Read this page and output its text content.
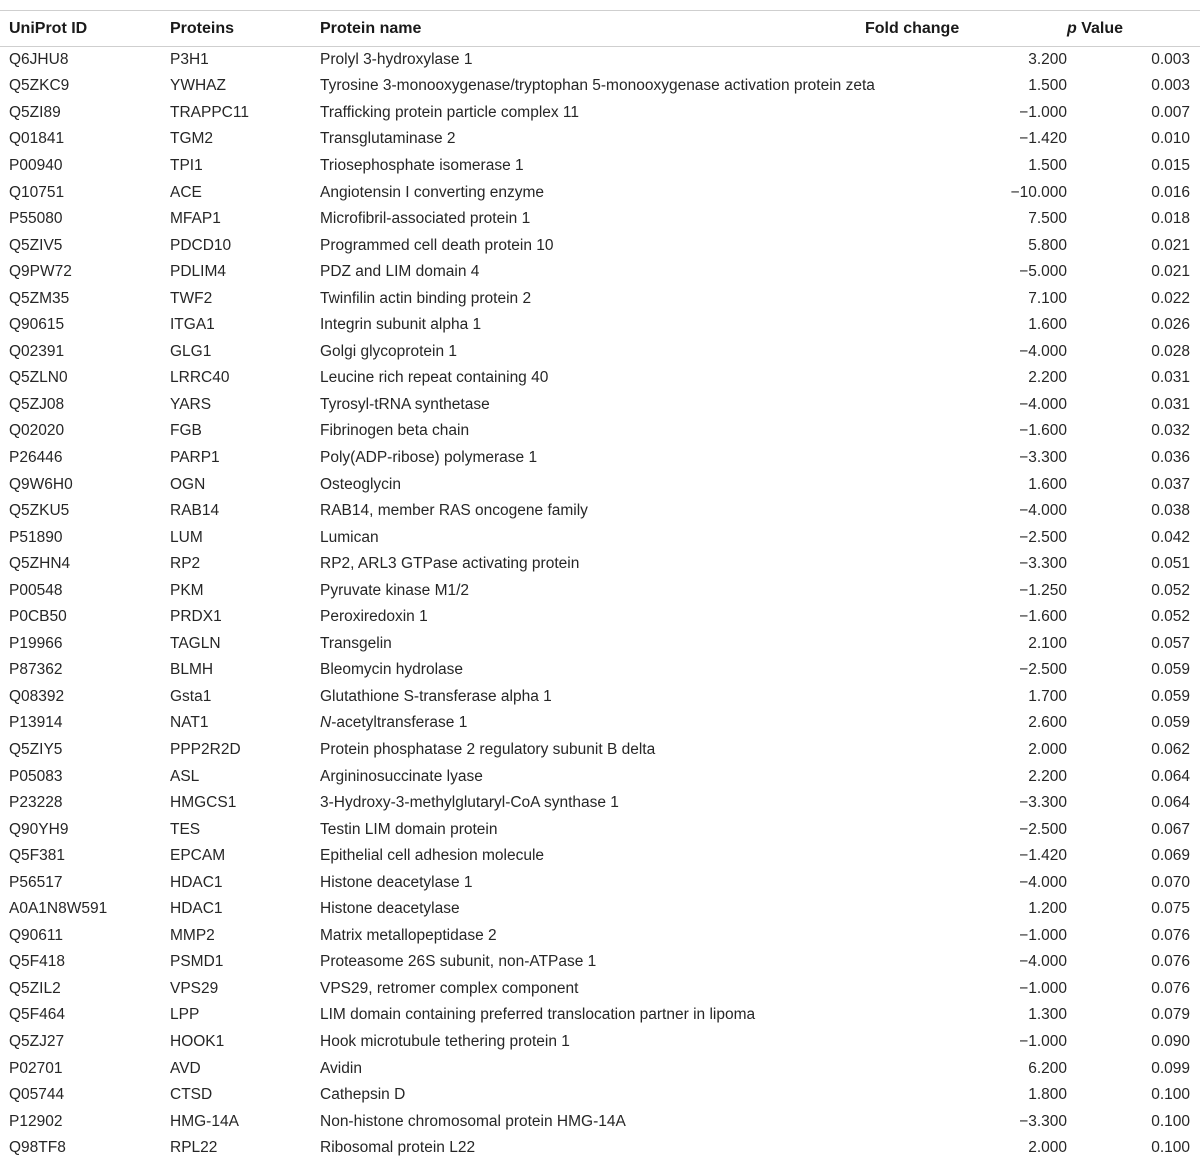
UniProt ID	Proteins	Protein name	Fold change	p Value
Q6JHU8	P3H1	Prolyl 3-hydroxylase 1	3.200	0.003
Q5ZKC9	YWHAZ	Tyrosine 3-monooxygenase/tryptophan 5-monooxygenase activation protein zeta	1.500	0.003
Q5ZI89	TRAPPC11	Trafficking protein particle complex 11	−1.000	0.007
Q01841	TGM2	Transglutaminase 2	−1.420	0.010
P00940	TPI1	Triosephosphate isomerase 1	1.500	0.015
Q10751	ACE	Angiotensin I converting enzyme	−10.000	0.016
P55080	MFAP1	Microfibril-associated protein 1	7.500	0.018
Q5ZIV5	PDCD10	Programmed cell death protein 10	5.800	0.021
Q9PW72	PDLIM4	PDZ and LIM domain 4	−5.000	0.021
Q5ZM35	TWF2	Twinfilin actin binding protein 2	7.100	0.022
Q90615	ITGA1	Integrin subunit alpha 1	1.600	0.026
Q02391	GLG1	Golgi glycoprotein 1	−4.000	0.028
Q5ZLN0	LRRC40	Leucine rich repeat containing 40	2.200	0.031
Q5ZJ08	YARS	Tyrosyl-tRNA synthetase	−4.000	0.031
Q02020	FGB	Fibrinogen beta chain	−1.600	0.032
P26446	PARP1	Poly(ADP-ribose) polymerase 1	−3.300	0.036
Q9W6H0	OGN	Osteoglycin	1.600	0.037
Q5ZKU5	RAB14	RAB14, member RAS oncogene family	−4.000	0.038
P51890	LUM	Lumican	−2.500	0.042
Q5ZHN4	RP2	RP2, ARL3 GTPase activating protein	−3.300	0.051
P00548	PKM	Pyruvate kinase M1/2	−1.250	0.052
P0CB50	PRDX1	Peroxiredoxin 1	−1.600	0.052
P19966	TAGLN	Transgelin	2.100	0.057
P87362	BLMH	Bleomycin hydrolase	−2.500	0.059
Q08392	Gsta1	Glutathione S-transferase alpha 1	1.700	0.059
P13914	NAT1	N-acetyltransferase 1	2.600	0.059
Q5ZIY5	PPP2R2D	Protein phosphatase 2 regulatory subunit B delta	2.000	0.062
P05083	ASL	Argininosuccinate lyase	2.200	0.064
P23228	HMGCS1	3-Hydroxy-3-methylglutaryl-CoA synthase 1	−3.300	0.064
Q90YH9	TES	Testin LIM domain protein	−2.500	0.067
Q5F381	EPCAM	Epithelial cell adhesion molecule	−1.420	0.069
P56517	HDAC1	Histone deacetylase 1	−4.000	0.070
A0A1N8W591	HDAC1	Histone deacetylase	1.200	0.075
Q90611	MMP2	Matrix metallopeptidase 2	−1.000	0.076
Q5F418	PSMD1	Proteasome 26S subunit, non-ATPase 1	−4.000	0.076
Q5ZIL2	VPS29	VPS29, retromer complex component	−1.000	0.076
Q5F464	LPP	LIM domain containing preferred translocation partner in lipoma	1.300	0.079
Q5ZJ27	HOOK1	Hook microtubule tethering protein 1	−1.000	0.090
P02701	AVD	Avidin	6.200	0.099
Q05744	CTSD	Cathepsin D	1.800	0.100
P12902	HMG-14A	Non-histone chromosomal protein HMG-14A	−3.300	0.100
Q98TF8	RPL22	Ribosomal protein L22	2.000	0.100
